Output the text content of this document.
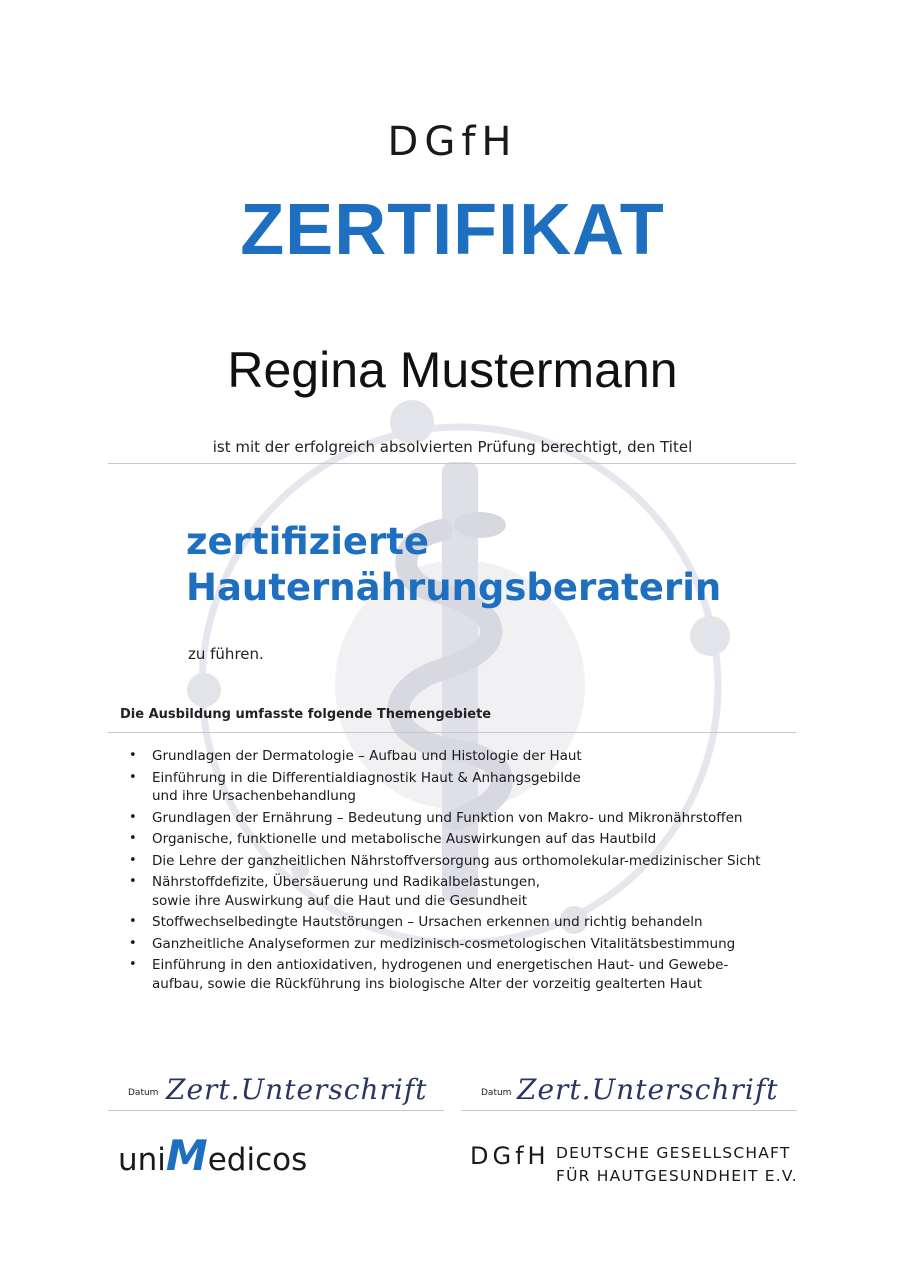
DGfH
ZERTIFIKAT
Regina Mustermann
ist mit der erfolgreich absolvierten Prüfung berechtigt, den Titel
zertifizierte
Hauternährungsberaterin
zu führen.
Die Ausbildung umfasste folgende Themengebiete
• Grundlagen der Dermatologie – Aufbau und Histologie der Haut
• Einführung in die Differentialdiagnostik Haut & Anhangsgebilde
und ihre Ursachenbehandlung
• Grundlagen der Ernährung – Bedeutung und Funktion von Makro- und Mikronährstoffen
• Organische, funktionelle und metabolische Auswirkungen auf das Hautbild
• Die Lehre der ganzheitlichen Nährstoffversorgung aus orthomolekular-medizinischer Sicht
• Nährstoffdefizite, Übersäuerung und Radikalbelastungen,
sowie ihre Auswirkung auf die Haut und die Gesundheit
• Stoffwechselbedingte Hautstörungen – Ursachen erkennen und richtig behandeln
• Ganzheitliche Analyseformen zur medizinisch-cosmetologischen Vitalitätsbestimmung
• Einführung in den antioxidativen, hydrogenen und energetischen Haut- und Gewebe-
aufbau, sowie die Rückführung ins biologische Alter der vorzeitig gealterten Haut
Datum Zert.Unterschrift	Datum Zert.Unterschrift
uniMedicos	DGfH DEUTSCHE GESELLSCHAFT
FÜR HAUTGESUNDHEIT E.V.
